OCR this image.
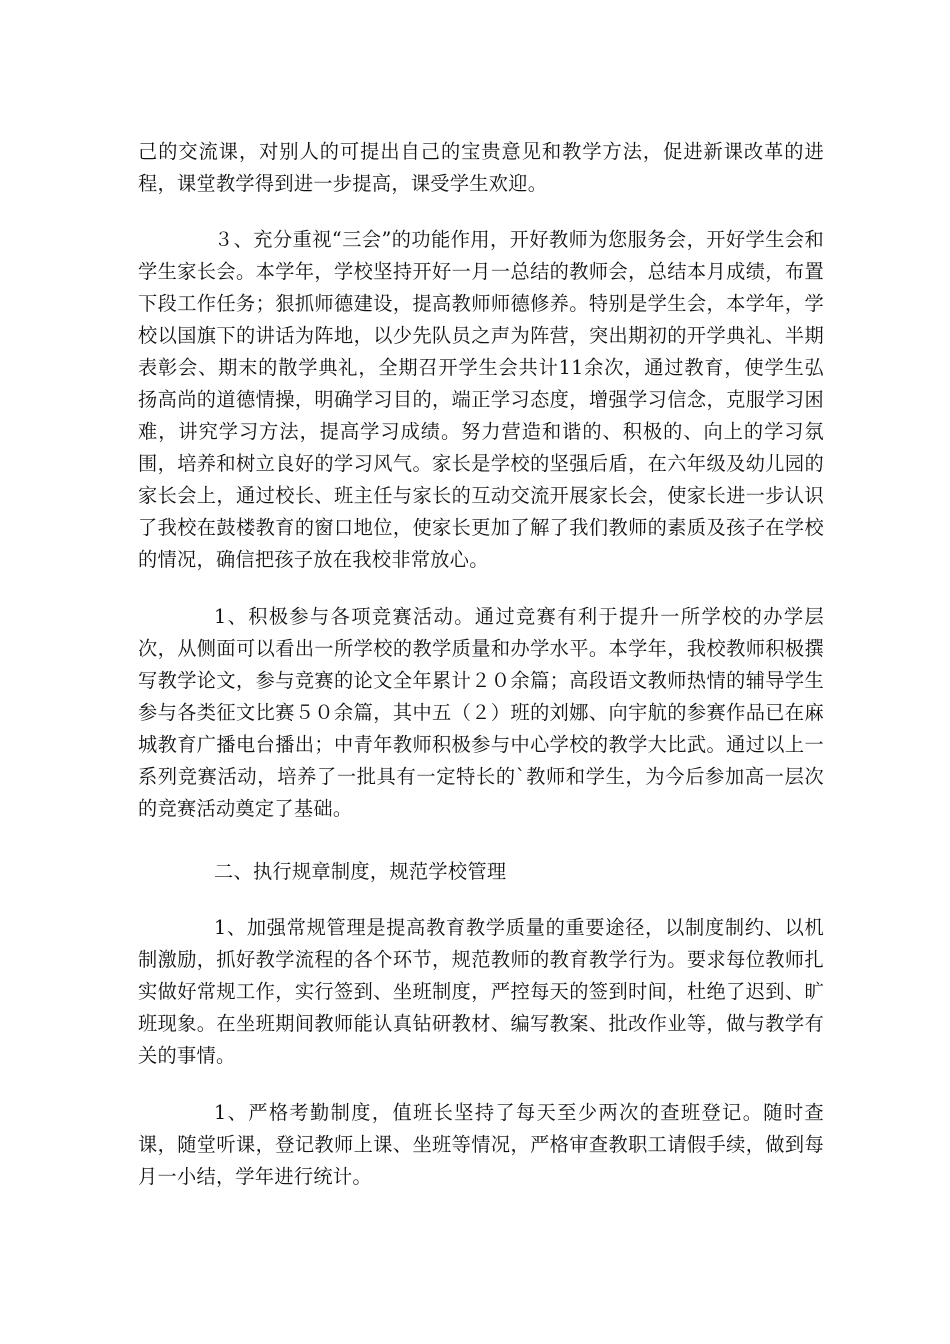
己的交流课，对别人的可提出自己的宝贵意见和教学方法，促进新课改革的进程，课堂教学得到进一步提高，课受学生欢迎。

３、充分重视“三会”的功能作用，开好教师为您服务会，开好学生会和学生家长会。本学年，学校坚持开好一月一总结的教师会，总结本月成绩，布置下段工作任务；狠抓师德建设，提高教师师德修养。特别是学生会，本学年，学校以国旗下的讲话为阵地，以少先队员之声为阵营，突出期初的开学典礼、半期表彰会、期末的散学典礼，全期召开学生会共计11余次，通过教育，使学生弘扬高尚的道德情操，明确学习目的，端正学习态度，增强学习信念，克服学习困难，讲究学习方法，提高学习成绩。努力营造和谐的、积极的、向上的学习氛围，培养和树立良好的学习风气。家长是学校的坚强后盾，在六年级及幼儿园的家长会上，通过校长、班主任与家长的互动交流开展家长会，使家长进一步认识了我校在鼓楼教育的窗口地位，使家长更加了解了我们教师的素质及孩子在学校的情况，确信把孩子放在我校非常放心。

1、积极参与各项竞赛活动。通过竞赛有利于提升一所学校的办学层次，从侧面可以看出一所学校的教学质量和办学水平。本学年，我校教师积极撰写教学论文，参与竞赛的论文全年累计２０余篇；高段语文教师热情的辅导学生参与各类征文比赛５０余篇，其中五（２）班的刘娜、向宇航的参赛作品已在麻城教育广播电台播出；中青年教师积极参与中心学校的教学大比武。通过以上一系列竞赛活动，培养了一批具有一定特长的`教师和学生，为今后参加高一层次的竞赛活动奠定了基础。

二、执行规章制度，规范学校管理

1、加强常规管理是提高教育教学质量的重要途径，以制度制约、以机制激励，抓好教学流程的各个环节，规范教师的教育教学行为。要求每位教师扎实做好常规工作，实行签到、坐班制度，严控每天的签到时间，杜绝了迟到、旷班现象。在坐班期间教师能认真钻研教材、编写教案、批改作业等，做与教学有关的事情。

1、严格考勤制度，值班长坚持了每天至少两次的查班登记。随时查课，随堂听课，登记教师上课、坐班等情况，严格审查教职工请假手续，做到每月一小结，学年进行统计。
